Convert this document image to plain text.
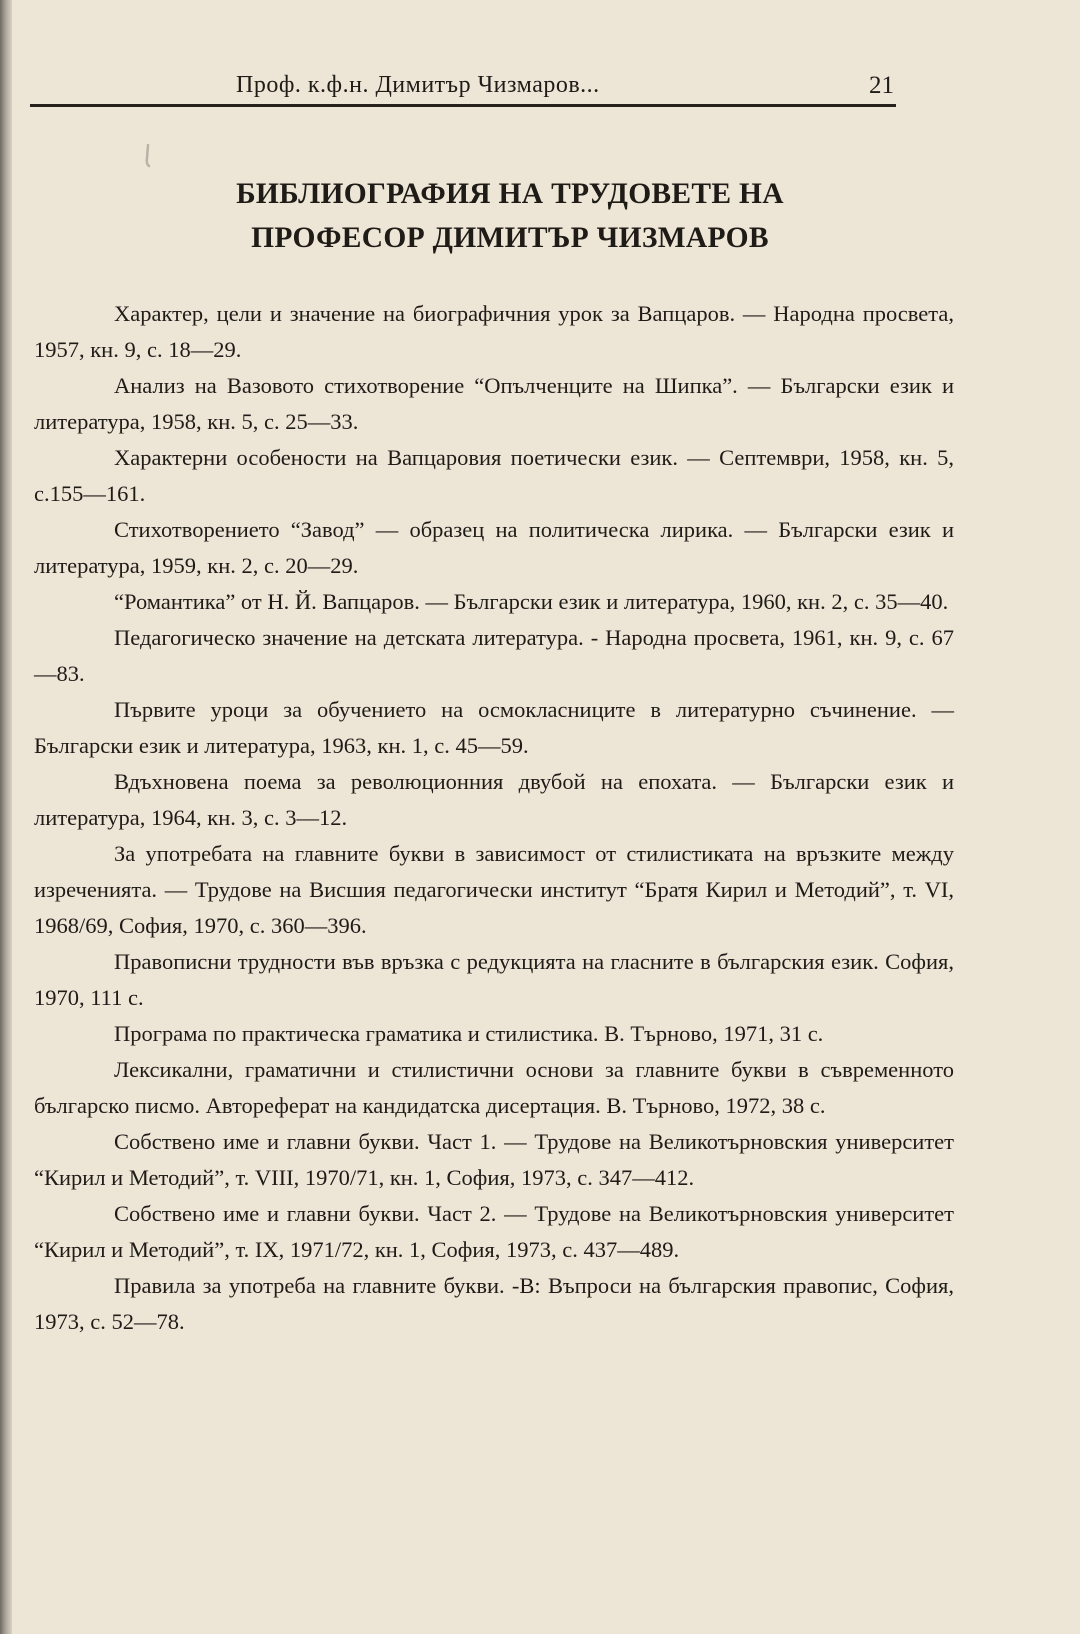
Проф. к.ф.н. Димитър Чизмаров...	21
БИБЛИОГРАФИЯ НА ТРУДОВЕТЕ НА
ПРОФЕСОР ДИМИТЪР ЧИЗМАРОВ
Характер, цели и значение на биографичния урок за Вапцаров. — Народна просвета, 1957, кн. 9, с. 18—29.
Анализ на Вазовото стихотворение “Опълченците на Шипка”. — Български език и литература, 1958, кн. 5, с. 25—33.
Характерни особености на Вапцаровия поетически език. — Септември, 1958, кн. 5, с.155—161.
Стихотворението “Завод” — образец на политическа лирика. — Български език и литература, 1959, кн. 2, с. 20—29.
“Романтика” от Н. Й. Вапцаров. — Български език и литература, 1960, кн. 2, с. 35—40.
Педагогическо значение на детската литература. - Народна просвета, 1961, кн. 9, с. 67—83.
Първите уроци за обучението на осмокласниците в литературно съчинение. — Български език и литература, 1963, кн. 1, с. 45—59.
Вдъхновена поема за революционния двубой на епохата. — Български език и литература, 1964, кн. 3, с. 3—12.
За употребата на главните букви в зависимост от стилистиката на връзките между изреченията. — Трудове на Висшия педагогически институт “Братя Кирил и Методий”, т. VI, 1968/69, София, 1970, с. 360—396.
Правописни трудности във връзка с редукцията на гласните в българския език. София, 1970, 111 с.
Програма по практическа граматика и стилистика. В. Търново, 1971, 31 с.
Лексикални, граматични и стилистични основи за главните букви в съвременното българско писмо. Автореферат на кандидатска дисертация. В. Търново, 1972, 38 с.
Собствено име и главни букви. Част 1. — Трудове на Великотърновския университет “Кирил и Методий”, т. VIII, 1970/71, кн. 1, София, 1973, с. 347—412.
Собствено име и главни букви. Част 2. — Трудове на Великотърновския университет “Кирил и Методий”, т. IX, 1971/72, кн. 1, София, 1973, с. 437—489.
Правила за употреба на главните букви. -В: Въпроси на българския правопис, София, 1973, с. 52—78.
